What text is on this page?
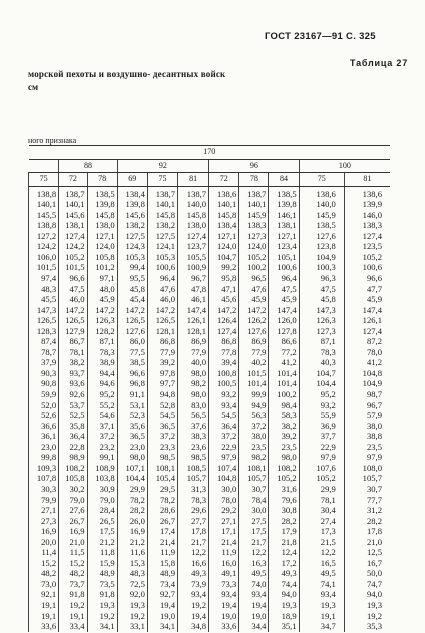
ГОСТ 23167—91 С. 325
Таблица 27
морской пехоты и воздушно- десантных войск
см
ного признака
170										
	88		92			96			100	
75	72	78	69	75	81	72	78	84	75	81
138,8	138,7	138,5	138,4	138,7	138,7	138,6	138,7	138,5	138,6	138,6
140,1	140,1	139,8	139,8	140,1	140,0	140,1	140,1	139,8	140,0	139,9
145,5	145,6	145,8	145,6	145,8	145,8	145,8	145,9	146,1	145,9	146,0
138,8	138,1	138,0	138,2	138,2	138,0	138,4	138,3	138,1	138,5	138,3
127,2	127,4	127,1	127,5	127,5	127,4	127,1	127,3	127,1	127,6	127,4
124,2	124,2	124,0	124,3	124,1	123,7	124,0	124,0	123,4	123,8	123,5
106,0	105,2	105,8	105,3	105,3	105,5	104,7	105,2	105,1	104,9	105,2
101,5	101,5	101,2	99,4	100,6	100,9	99,2	100,2	100,6	100,3	100,6
97,4	96,6	97,1	95,5	96,4	96,7	95,8	96,5	96,4	96,3	96,6
48,3	47,5	48,0	45,8	47,6	47,8	47,1	47,6	47,5	47,5	47,7
45,5	46,0	45,9	45,4	46,0	46,1	45,6	45,9	45,9	45,8	45,9
147,3	147,2	147,2	147,2	147,2	147,4	147,2	147,2	147,4	147,3	147,4
126,5	126,5	126,3	126,5	126,5	126,1	126,4	126,2	126,0	126,3	126,1
128,3	127,9	128,2	127,6	128,1	128,1	127,4	127,6	127,8	127,3	127,4
87,4	86,7	87,1	86,0	86,8	86,9	86,8	86,9	86,6	87,1	87,2
78,7	78,1	78,3	77,5	77,9	77,9	77,8	77,9	77,2	78,3	78,0
37,9	38,2	38,9	38,5	39,2	40,0	39,4	40,2	41,2	40,3	41,2
90,3	93,7	94,4	96,6	97,8	98,0	100,8	101,5	101,4	104,7	104,8
90,8	93,6	94,6	96,8	97,7	98,2	100,5	101,4	101,4	104,4	104,9
59,9	92,6	95,2	91,1	94,8	98,0	93,2	99,9	100,2	95,2	98,7
52,0	53,7	55,2	53,1	52,8	83,0	93,4	94,9	98,4	93,2	96,7
52,6	52,5	54,6	52,3	54,5	56,5	54,5	56,3	58,3	55,9	57,9
36,6	35,8	37,1	35,6	36,5	37,6	36,4	37,2	38,2	36,9	38,0
36,1	36,4	37,2	36,5	37,2	38,3	37,2	38,0	39,2	37,7	38,8
23,0	22,8	23,2	23,0	23,3	23,6	22,9	23,5	23,5	22,9	23,5
99,8	98,9	99,1	98,0	98,5	98,5	97,9	98,2	98,0	97,9	97,9
109,3	108,2	108,9	107,1	108,1	108,5	107,4	108,1	108,2	107,6	108,0
107,8	105,8	103,8	104,4	105,4	105,7	104,8	105,7	105,2	105,2	105,7
30,3	30,2	30,9	29,9	29,5	31,3	30,0	30,7	31,6	29,9	30,7
79,9	79,0	79,0	78,2	78,2	78,3	78,0	78,4	79,6	78,1	77,7
27,1	27,6	28,4	28,2	28,6	29,6	29,2	30,0	30,8	30,4	31,2
27,3	26,7	26,5	26,0	26,7	27,7	27,1	27,5	28,2	27,4	28,2
16,9	16,9	17,5	16,9	17,4	17,8	17,1	17,5	17,9	17,3	17,8
20,0	21,0	21,2	21,2	21,4	21,7	21,4	21,7	21,8	21,5	21,0
11,4	11,5	11,8	11,6	11,9	12,2	11,9	12,2	12,4	12,2	12,5
15,2	15,2	15,9	15,3	15,8	16,6	16,0	16,3	17,2	16,5	16,7
48,2	48,2	48,9	48,3	48,9	49,3	49,1	49,5	49,3	49,5	50,0
73,0	73,7	73,5	72,5	73,4	73,9	73,3	74,0	74,4	74,1	74,7
92,1	91,8	91,8	92,0	92,7	93,4	93,4	93,4	94,0	93,4	94,0
19,1	19,2	19,3	19,3	19,4	19,2	19,4	19,4	19,3	19,3	19,3
19,1	19,1	19,2	19,2	19,0	19,4	19,0	19,0	18,9	19,1	19,2
33,6	33,4	34,1	33,1	34,1	34,8	33,6	34,4	35,1	34,7	35,3
